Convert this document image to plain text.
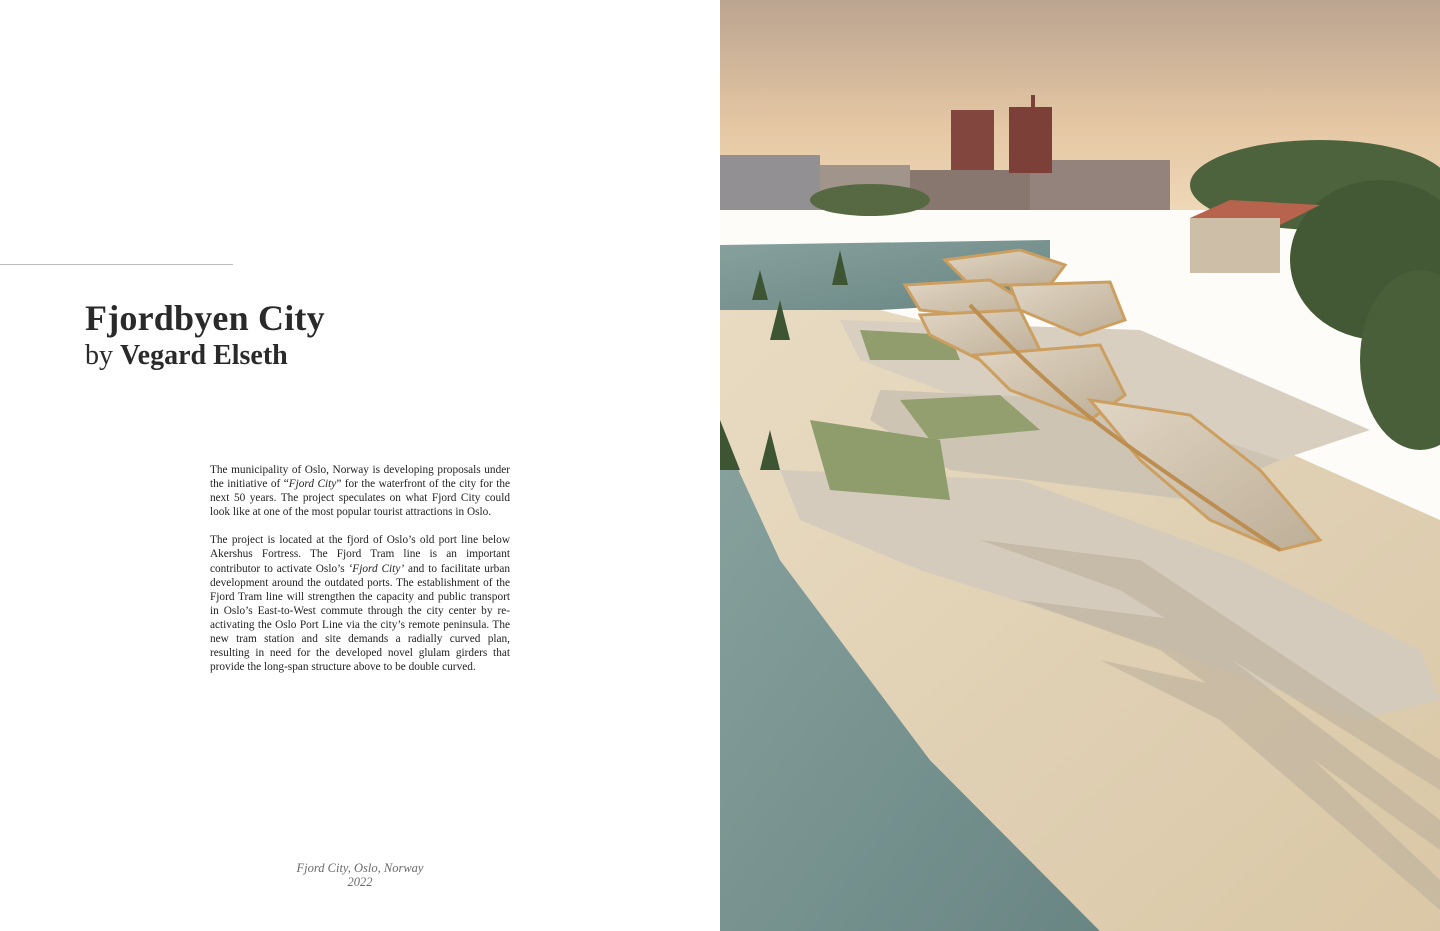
Fjordbyen City
by Vegard Elseth

The municipality of Oslo, Norway is developing proposals under the initiative of “Fjord City” for the waterfront of the city for the next 50 years. The project speculates on what Fjord City could look like at one of the most popular tourist attractions in Oslo.

The project is located at the fjord of Oslo’s old port line below Akershus Fortress. The Fjord Tram line is an important contributor to activate Oslo’s ‘Fjord City’ and to facilitate urban development around the outdated ports. The establishment of the Fjord Tram line will strengthen the capacity and public transport in Oslo’s East-to-West commute through the city center by re-activating the Oslo Port Line via the city’s remote peninsula. The new tram station and site demands a radially curved plan, resulting in need for the developed novel glulam girders that provide the long-span structure above to be double curved.

Fjord City, Oslo, Norway
2022
